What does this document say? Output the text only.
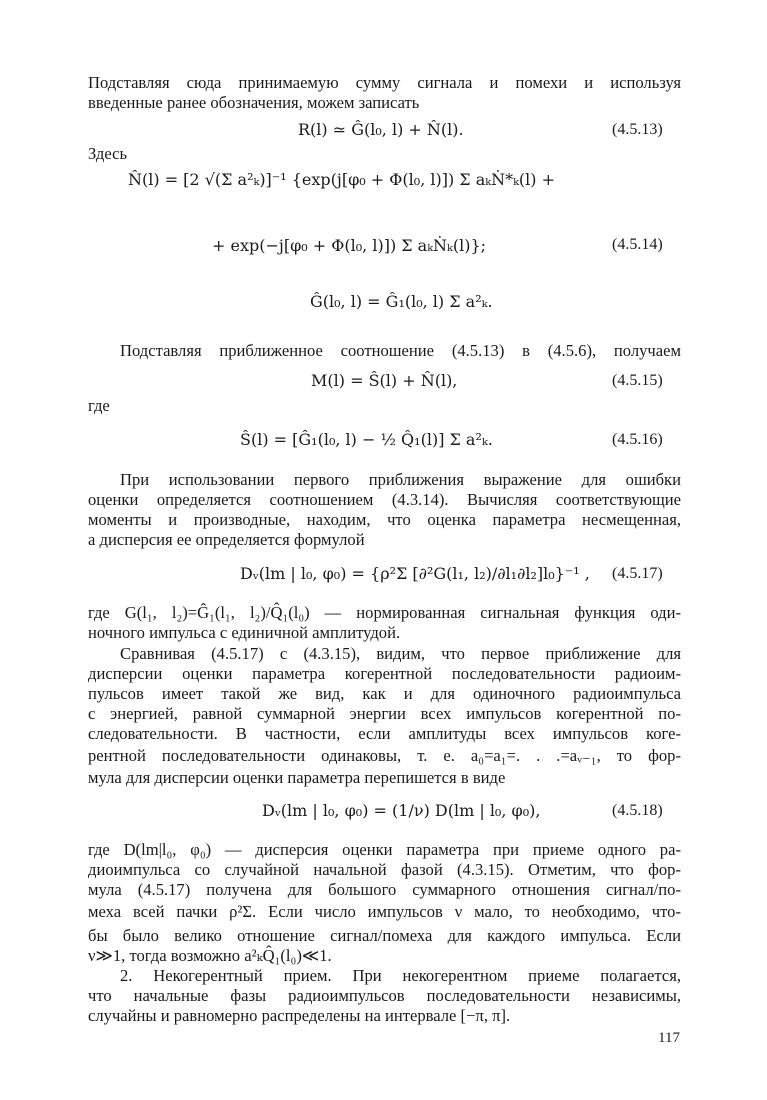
Подставляя сюда принимаемую сумму сигнала и помехи и используя
введенные ранее обозначения, можем записать
R(l) ≃ Ĝ(l₀, l) + N̂(l).	(4.5.13)
Здесь
N̂(l) = [2 √(Σ a²ₖ)]⁻¹ {exp(j[φ₀ + Φ(l₀, l)]) Σ aₖṄ*ₖ(l) +
+ exp(−j[φ₀ + Φ(l₀, l)]) Σ aₖṄₖ(l)};	(4.5.14)
Ĝ(l₀, l) = Ĝ₁(l₀, l) Σ a²ₖ.
Подставляя приближенное соотношение (4.5.13) в (4.5.6), получаем
M(l) = Ŝ(l) + N̂(l),	(4.5.15)
где
Ŝ(l) = [Ĝ₁(l₀, l) − ½ Q̂₁(l)] Σ a²ₖ.	(4.5.16)
При использовании первого приближения выражение для ошибки
оценки определяется соотношением (4.3.14). Вычисляя соответствующие
моменты и производные, находим, что оценка параметра несмещенная,
а дисперсия ее определяется формулой
Dᵥ(lm | l₀, φ₀) = {ρ²Σ [∂²G(l₁, l₂)/∂l₁∂l₂]l₀}⁻¹ , (4.5.17)
где G(l₁, l₂)=Ĝ₁(l₁, l₂)/Q̂₁(l₀) — нормированная сигнальная функция оди-
ночного импульса с единичной амплитудой.
Сравнивая (4.5.17) с (4.3.15), видим, что первое приближение для
дисперсии оценки параметра когерентной последовательности радиоим-
пульсов имеет такой же вид, как и для одиночного радиоимпульса
с энергией, равной суммарной энергии всех импульсов когерентной по-
следовательности. В частности, если амплитуды всех импульсов коге-
рентной последовательности одинаковы, т. е. a₀=a₁=. . .=aᵥ₋₁, то фор-
мула для дисперсии оценки параметра перепишется в виде
Dᵥ(lm | l₀, φ₀) = (1/ν) D(lm | l₀, φ₀),	(4.5.18)
где D(lm|l₀, φ₀) — дисперсия оценки параметра при приеме одного ра-
диоимпульса со случайной начальной фазой (4.3.15). Отметим, что фор-
мула (4.5.17) получена для большого суммарного отношения сигнал/по-
меха всей пачки ρ²Σ. Если число импульсов ν мало, то необходимо, что-
бы было велико отношение сигнал/помеха для каждого импульса. Если
ν≫1, тогда возможно a²ₖQ̂₁(l₀)≪1.
2. Некогерентный прием. При некогерентном приеме полагается,
что начальные фазы радиоимпульсов последовательности независимы,
случайны и равномерно распределены на интервале [−π, π].
117
